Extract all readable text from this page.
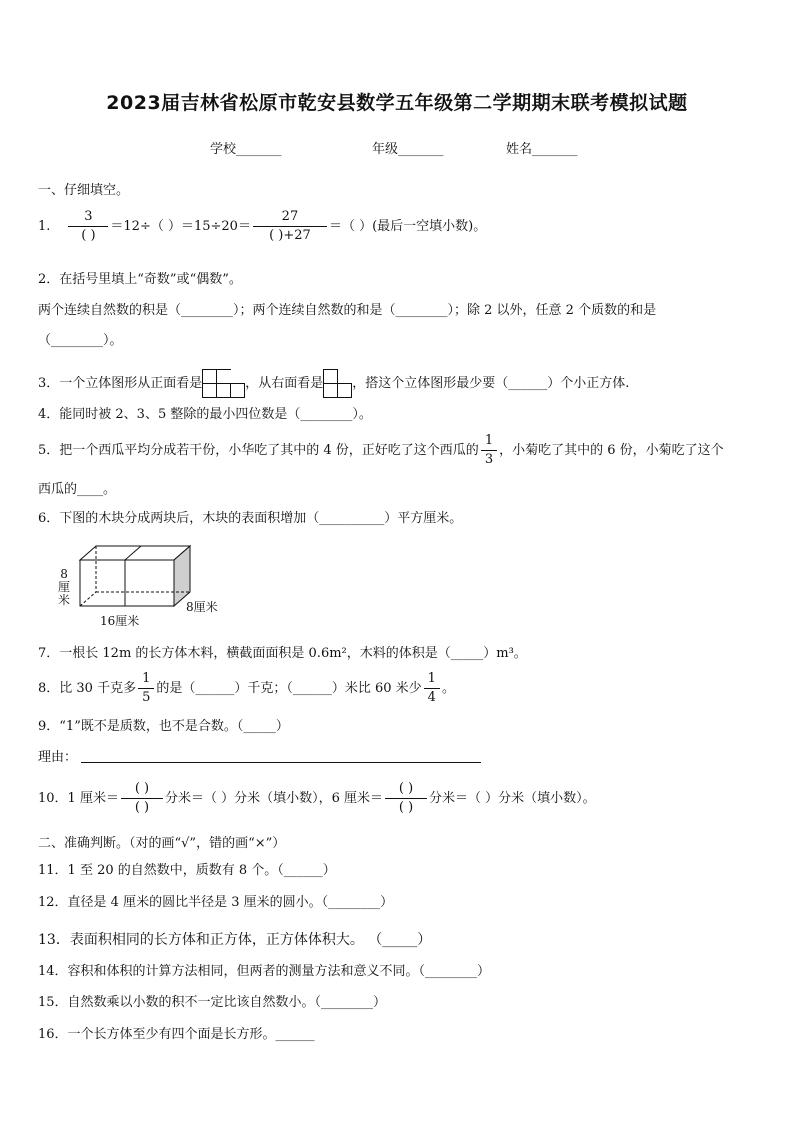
2023届吉林省松原市乾安县数学五年级第二学期期末联考模拟试题
学校_______	年级_______	姓名_______
一、仔细填空。
1. $\frac{3}{( )} =12\div$（ ）$=15\div 20= \frac{27}{( )+27}$ ＝（ ）(最后一空填小数)。
2．在括号里填上“奇数”或“偶数”。
两个连续自然数的积是（________）；两个连续自然数的和是（________）；除 2 以外，任意 2 个质数的和是
（________）。
3．一个立体图形从正面看是

			，从右面看是

	，搭这个立体图形最少要（______）个小正方体.
4．能同时被 2、3、5 整除的最小四位数是（________）。
5．把一个西瓜平均分成若干份，小华吃了其中的 4 份，正好吃了这个西瓜的 $\frac{1}{3}$ ，小菊吃了其中的 6 份，小菊吃了这个
西瓜的____。
6．下图的木块分成两块后，木块的表面积增加（__________）平方厘米。
8
厘
米
16厘米
8厘米
7．一根长 12m 的长方体木料，横截面面积是 0.6m²，木料的体积是（_____）m³。
8．比 30 千克多 $\frac{1}{5}$ 的是（______）千克；（______）米比 60 米少 $\frac{1}{4}$ 。
9．“1”既不是质数，也不是合数。（_____）
理由：
10．1 厘米＝ $\frac{( )}{( )}$ 分米＝（ ）分米（填小数），6 厘米＝ $\frac{( )}{( )}$ 分米＝（ ）分米（填小数）。
二、准确判断。（对的画“√”，错的画“×”）
11．1 至 20 的自然数中，质数有 8 个。（______）
12．直径是 4 厘米的圆比半径是 3 厘米的圆小。（________）
13．表面积相同的长方体和正方体，正方体体积大。 （_____）
14．容积和体积的计算方法相同，但两者的测量方法和意义不同。（________）
15．自然数乘以小数的积不一定比该自然数小。（________）
16．一个长方体至少有四个面是长方形。______
